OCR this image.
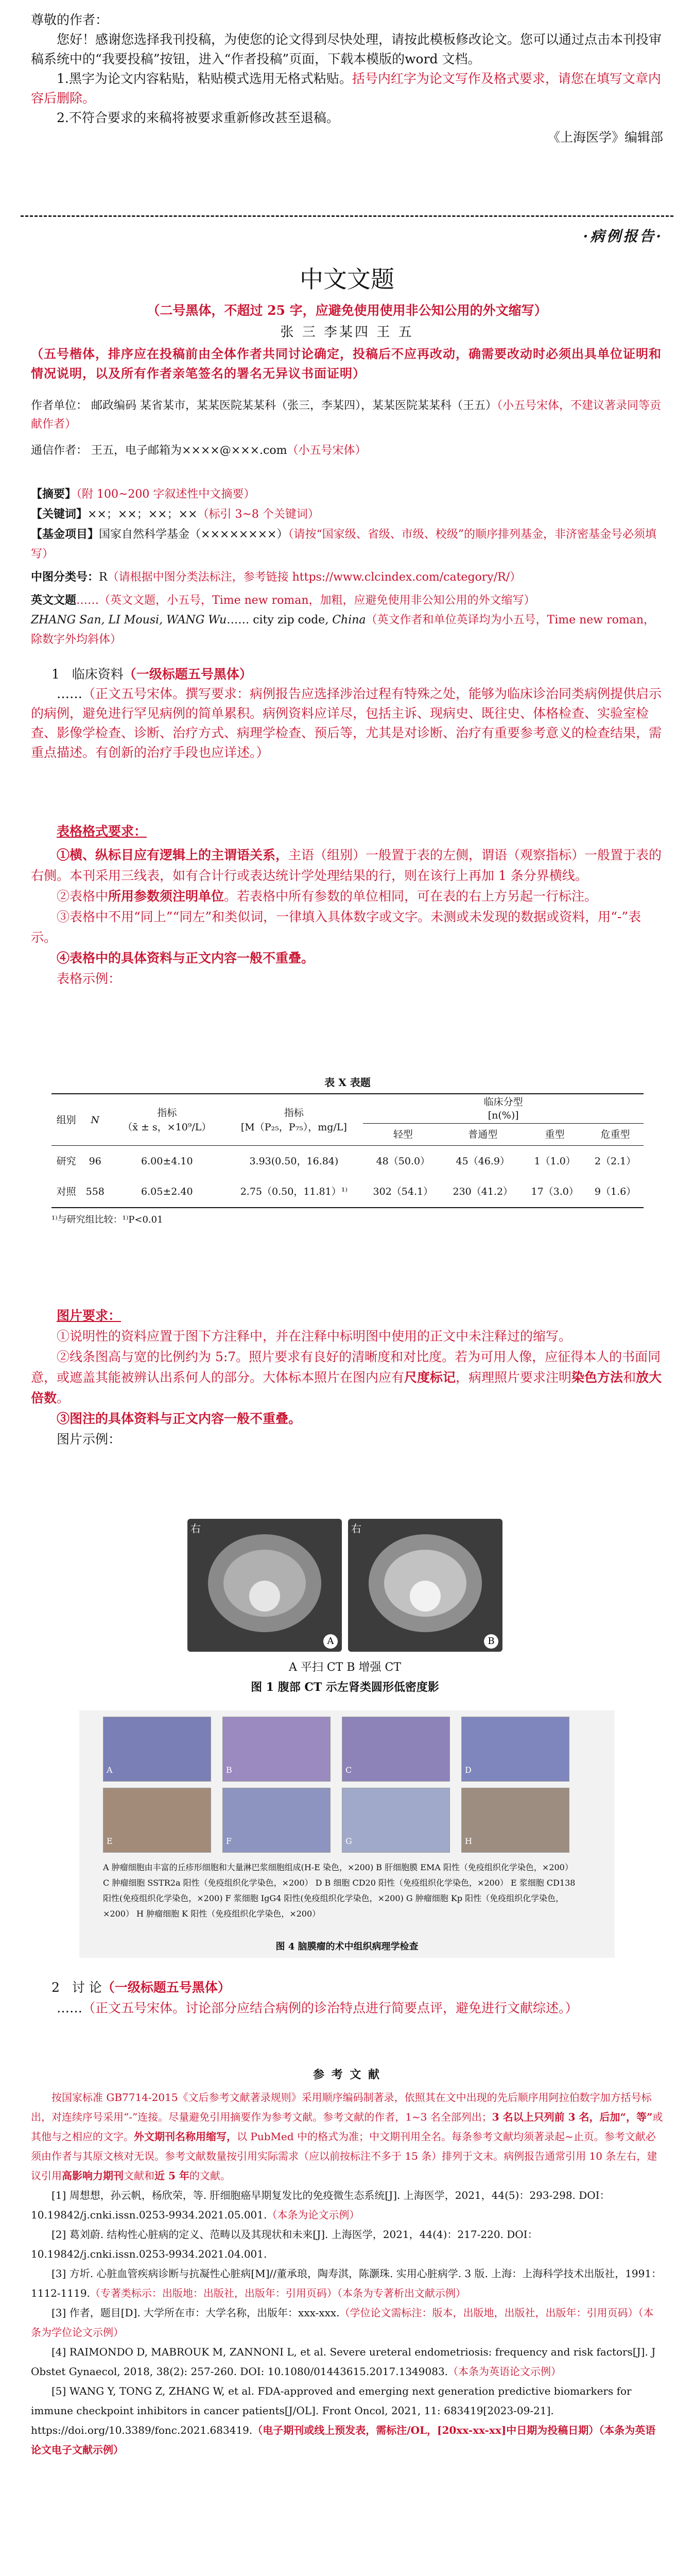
尊敬的作者：

您好！感谢您选择我刊投稿，为使您的论文得到尽快处理，请按此模板修改论文。您可以通过点击本刊投审稿系统中的“我要投稿”按钮，进入“作者投稿”页面，下载本模版的word 文档。

1.黑字为论文内容粘贴，粘贴模式选用无格式粘贴。括号内红字为论文写作及格式要求，请您在填写文章内容后删除。

2.不符合要求的来稿将被要求重新修改甚至退稿。

《上海医学》编辑部

·病例报告·
中文文题
（二号黑体，不超过 25 字，应避免使用使用非公知公用的外文缩写）
张 三 李某四 王 五
（五号楷体，排序应在投稿前由全体作者共同讨论确定，投稿后不应再改动，确需要改动时必须出具单位证明和情况说明，以及所有作者亲笔签名的署名无异议书面证明）
作者单位： 邮政编码 某省某市，某某医院某某科（张三，李某四），某某医院某某科（王五）（小五号宋体，不建议著录同等贡献作者）
通信作者： 王五，电子邮箱为××××@×××.com（小五号宋体）

【摘要】（附 100~200 字叙述性中文摘要）

【关键词】××；××；××；××（标引 3~8 个关键词）

【基金项目】国家自然科学基金（××××××××）（请按“国家级、省级、市级、校级”的顺序排列基金，非济密基金号必须填写）

中图分类号：R（请根据中图分类法标注，参考链接 https://www.clcindex.com/category/R/）

英文文题……（英文文题，小五号，Time new roman，加粗，应避免使用非公知公用的外文缩写）

ZHANG San, LI Mousi, WANG Wu…… city zip code, China（英文作者和单位英译均为小五号，Time new roman，除数字外均斜体）

1 临床资料（一级标题五号黑体）

……（正文五号宋体。撰写要求：病例报告应选择涉治过程有特殊之处，能够为临床诊治同类病例提供启示的病例，避免进行罕见病例的简单累积。病例资料应详尽，包括主诉、现病史、既往史、体格检查、实验室检查、影像学检查、诊断、治疗方式、病理学检查、预后等，尤其是对诊断、治疗有重要参考意义的检查结果，需重点描述。有创新的治疗手段也应详述。）

表格格式要求：

①横、纵标目应有逻辑上的主谓语关系，主语（组别）一般置于表的左侧，谓语（观察指标）一般置于表的右侧。本刊采用三线表，如有合计行或表达统计学处理结果的行，则在该行上再加 1 条分界横线。

②表格中所用参数须注明单位。若表格中所有参数的单位相同，可在表的右上方另起一行标注。

③表格中不用“同上”“同左”和类似词，一律填入具体数字或文字。未测或未发现的数据或资料，用“-”表示。

④表格中的具体资料与正文内容一般不重叠。

表格示例：

表 X 表题
组别	N	指标
（x̄ ± s，×10⁹/L）	指标
[M（P₂₅，P₇₅），mg/L]	临床分型
[n(%)]			
				轻型	普通型	重型	危重型
研究	96	6.00±4.10	3.93(0.50，16.84)	48（50.0）	45（46.9）	1（1.0）	2（2.1）
对照	558	6.05±2.40	2.75（0.50，11.81）¹⁾	302（54.1）	230（41.2）	17（3.0）	9（1.6）
¹⁾与研究组比较：¹⁾P<0.01

图片要求：

①说明性的资料应置于图下方注释中，并在注释中标明图中使用的正文中未注释过的缩写。

②线条图高与宽的比例约为 5:7。照片要求有良好的清晰度和对比度。若为可用人像，应征得本人的书面同意，或遮盖其能被辨认出系何人的部分。大体标本照片在图内应有尺度标记，病理照片要求注明染色方法和放大倍数。

③图注的具体资料与正文内容一般不重叠。

图片示例：

右
A
右
B
A 平扫 CT B 增强 CT
图 1 腹部 CT 示左肾类圆形低密度影
A	B	C	D
E	F	G	H
A 肿瘤细胞由丰富的丘疹形细胞和大量淋巴浆细胞组成(H-E 染色，×200) B 肝细胞膜 EMA 阳性（免疫组织化学染色，×200） C 肿瘤细胞 SSTR2a 阳性（免疫组织化学染色，×200） D B 细胞 CD20 阳性（免疫组织化学染色，×200） E 浆细胞 CD138 阳性(免疫组织化学染色，×200) F 浆细胞 IgG4 阳性(免疫组织化学染色，×200) G 肿瘤细胞 Kp 阳性（免疫组织化学染色，×200） H 肿瘤细胞 K 阳性（免疫组织化学染色，×200）
图 4 脑膜瘤的术中组织病理学检查

2 讨 论（一级标题五号黑体）

……（正文五号宋体。讨论部分应结合病例的诊治特点进行简要点评，避免进行文献综述。）

参 考 文 献

按国家标准 GB7714-2015《文后参考文献著录规则》采用顺序编码制著录，依照其在文中出现的先后顺序用阿拉伯数字加方括号标出，对连续序号采用“-”连接。尽量避免引用摘要作为参考文献。参考文献的作者，1~3 名全部列出；3 名以上只列前 3 名，后加“，等”或其他与之相应的文字。外文期刊名称用缩写，以 PubMed 中的格式为准；中文期刊用全名。每条参考文献均须著录起~止页。参考文献必须由作者与其原文核对无误。参考文献数量按引用实际需求（应以前按标注不多于 15 条）排列于文末。病例报告通常引用 10 条左右，建议引用高影响力期刊文献和近 5 年的文献。

[1] 周想想，孙云帆，杨欣荣，等. 肝细胞癌早期复发比的免疫微生态系统[J]. 上海医学，2021，44(5)：293-298. DOI：10.19842/j.cnki.issn.0253-9934.2021.05.001.（本条为论文示例）

[2] 葛刘蔚. 结构性心脏病的定义、范畴以及其现状和未来[J]. 上海医学，2021，44(4)：217-220. DOI：10.19842/j.cnki.issn.0253-9934.2021.04.001.

[3] 方圻. 心脏血管疾病诊断与抗凝性心脏病[M]//董承琅，陶寿淇，陈灏珠. 实用心脏病学. 3 版. 上海：上海科学技术出版社，1991：1112-1119.（专著类标示：出版地：出版社，出版年：引用页码）（本条为专著析出文献示例）

[3] 作者，题目[D]. 大学所在市：大学名称，出版年：xxx-xxx.（学位论文需标注：版本，出版地，出版社，出版年：引用页码）（本条为学位论文示例）

[4] RAIMONDO D, MABROUK M, ZANNONI L, et al. Severe ureteral endometriosis: frequency and risk factors[J]. J Obstet Gynaecol, 2018, 38(2): 257-260. DOI: 10.1080/01443615.2017.1349083.（本条为英语论文示例）

[5] WANG Y, TONG Z, ZHANG W, et al. FDA-approved and emerging next generation predictive biomarkers for immune checkpoint inhibitors in cancer patients[J/OL]. Front Oncol, 2021, 11: 683419[2023-09-21]. https://doi.org/10.3389/fonc.2021.683419.（电子期刊或线上预发表，需标注/OL，[20xx-xx-xx]中日期为投稿日期）（本条为英语论文电子文献示例）
